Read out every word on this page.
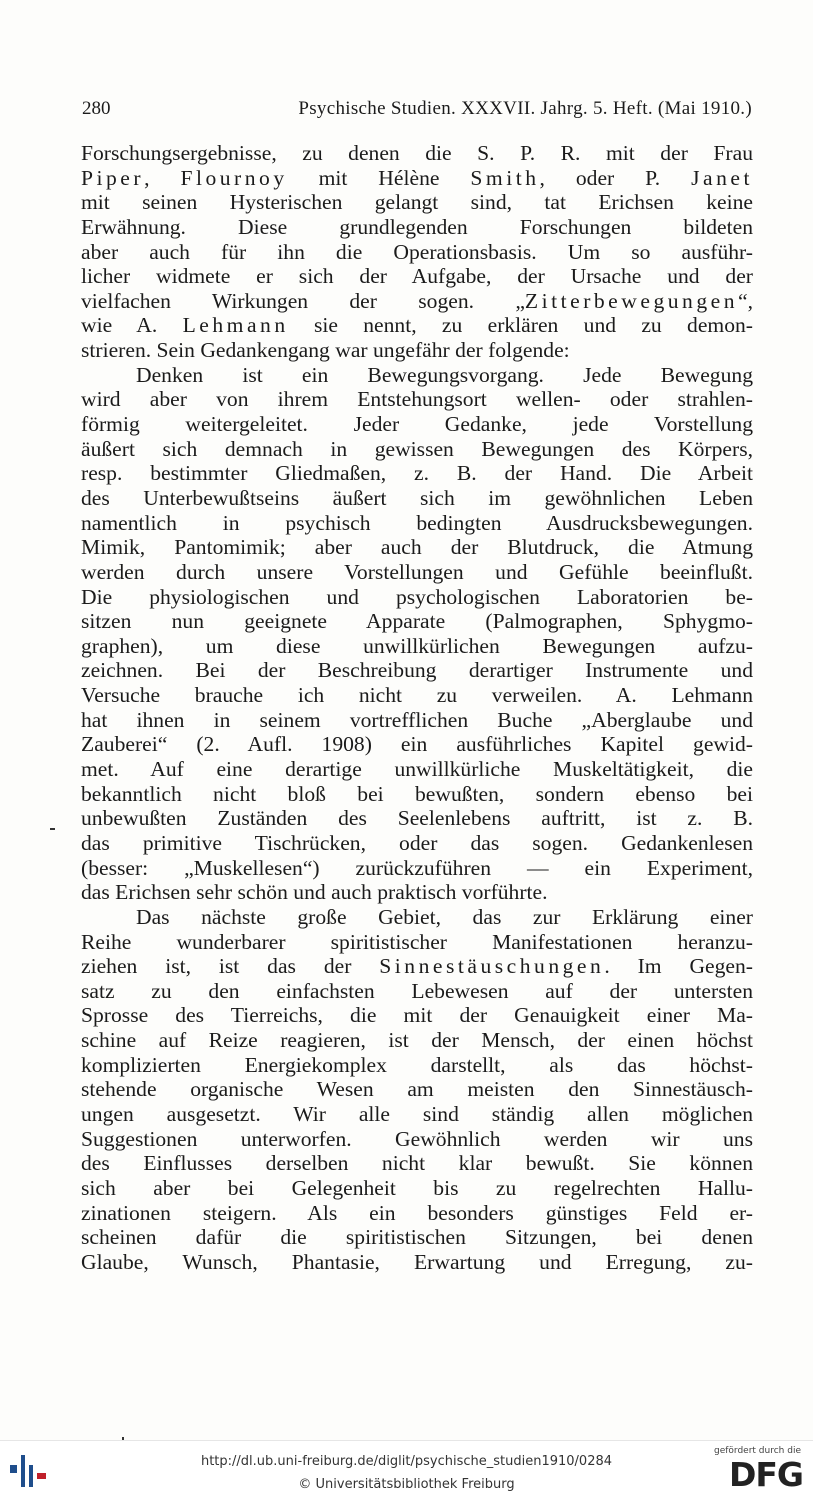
280	Psychische Studien. XXXVII. Jahrg. 5. Heft. (Mai 1910.)
Forschungsergebnisse, zu denen die S. P. R. mit der Frau
Piper, Flournoy mit Hélène Smith, oder P. Janet
mit seinen Hysterischen gelangt sind, tat Erichsen keine
Erwähnung. Diese grundlegenden Forschungen bildeten
aber auch für ihn die Operationsbasis. Um so ausführ-
licher widmete er sich der Aufgabe, der Ursache und der
vielfachen Wirkungen der sogen. „Zitterbewegungen“,
wie A. Lehmann sie nennt, zu erklären und zu demon-
strieren. Sein Gedankengang war ungefähr der folgende:
Denken ist ein Bewegungsvorgang. Jede Bewegung
wird aber von ihrem Entstehungsort wellen- oder strahlen-
förmig weitergeleitet. Jeder Gedanke, jede Vorstellung
äußert sich demnach in gewissen Bewegungen des Körpers,
resp. bestimmter Gliedmaßen, z. B. der Hand. Die Arbeit
des Unterbewußtseins äußert sich im gewöhnlichen Leben
namentlich in psychisch bedingten Ausdrucksbewegungen.
Mimik, Pantomimik; aber auch der Blutdruck, die Atmung
werden durch unsere Vorstellungen und Gefühle beeinflußt.
Die physiologischen und psychologischen Laboratorien be-
sitzen nun geeignete Apparate (Palmographen, Sphygmo-
graphen), um diese unwillkürlichen Bewegungen aufzu-
zeichnen. Bei der Beschreibung derartiger Instrumente und
Versuche brauche ich nicht zu verweilen. A. Lehmann
hat ihnen in seinem vortrefflichen Buche „Aberglaube und
Zauberei“ (2. Aufl. 1908) ein ausführliches Kapitel gewid-
met. Auf eine derartige unwillkürliche Muskeltätigkeit, die
bekanntlich nicht bloß bei bewußten, sondern ebenso bei
unbewußten Zuständen des Seelenlebens auftritt, ist z. B.
das primitive Tischrücken, oder das sogen. Gedankenlesen
(besser: „Muskellesen“) zurückzuführen — ein Experiment,
das Erichsen sehr schön und auch praktisch vorführte.
Das nächste große Gebiet, das zur Erklärung einer
Reihe wunderbarer spiritistischer Manifestationen heranzu-
ziehen ist, ist das der Sinnestäuschungen. Im Gegen-
satz zu den einfachsten Lebewesen auf der untersten
Sprosse des Tierreichs, die mit der Genauigkeit einer Ma-
schine auf Reize reagieren, ist der Mensch, der einen höchst
komplizierten Energiekomplex darstellt, als das höchst-
stehende organische Wesen am meisten den Sinnestäusch-
ungen ausgesetzt. Wir alle sind ständig allen möglichen
Suggestionen unterworfen. Gewöhnlich werden wir uns
des Einflusses derselben nicht klar bewußt. Sie können
sich aber bei Gelegenheit bis zu regelrechten Hallu-
zinationen steigern. Als ein besonders günstiges Feld er-
scheinen dafür die spiritistischen Sitzungen, bei denen
Glaube, Wunsch, Phantasie, Erwartung und Erregung, zu-
http://dl.ub.uni-freiburg.de/diglit/psychische_studien1910/0284
© Universitätsbibliothek Freiburg
gefördert durch die
DFG
